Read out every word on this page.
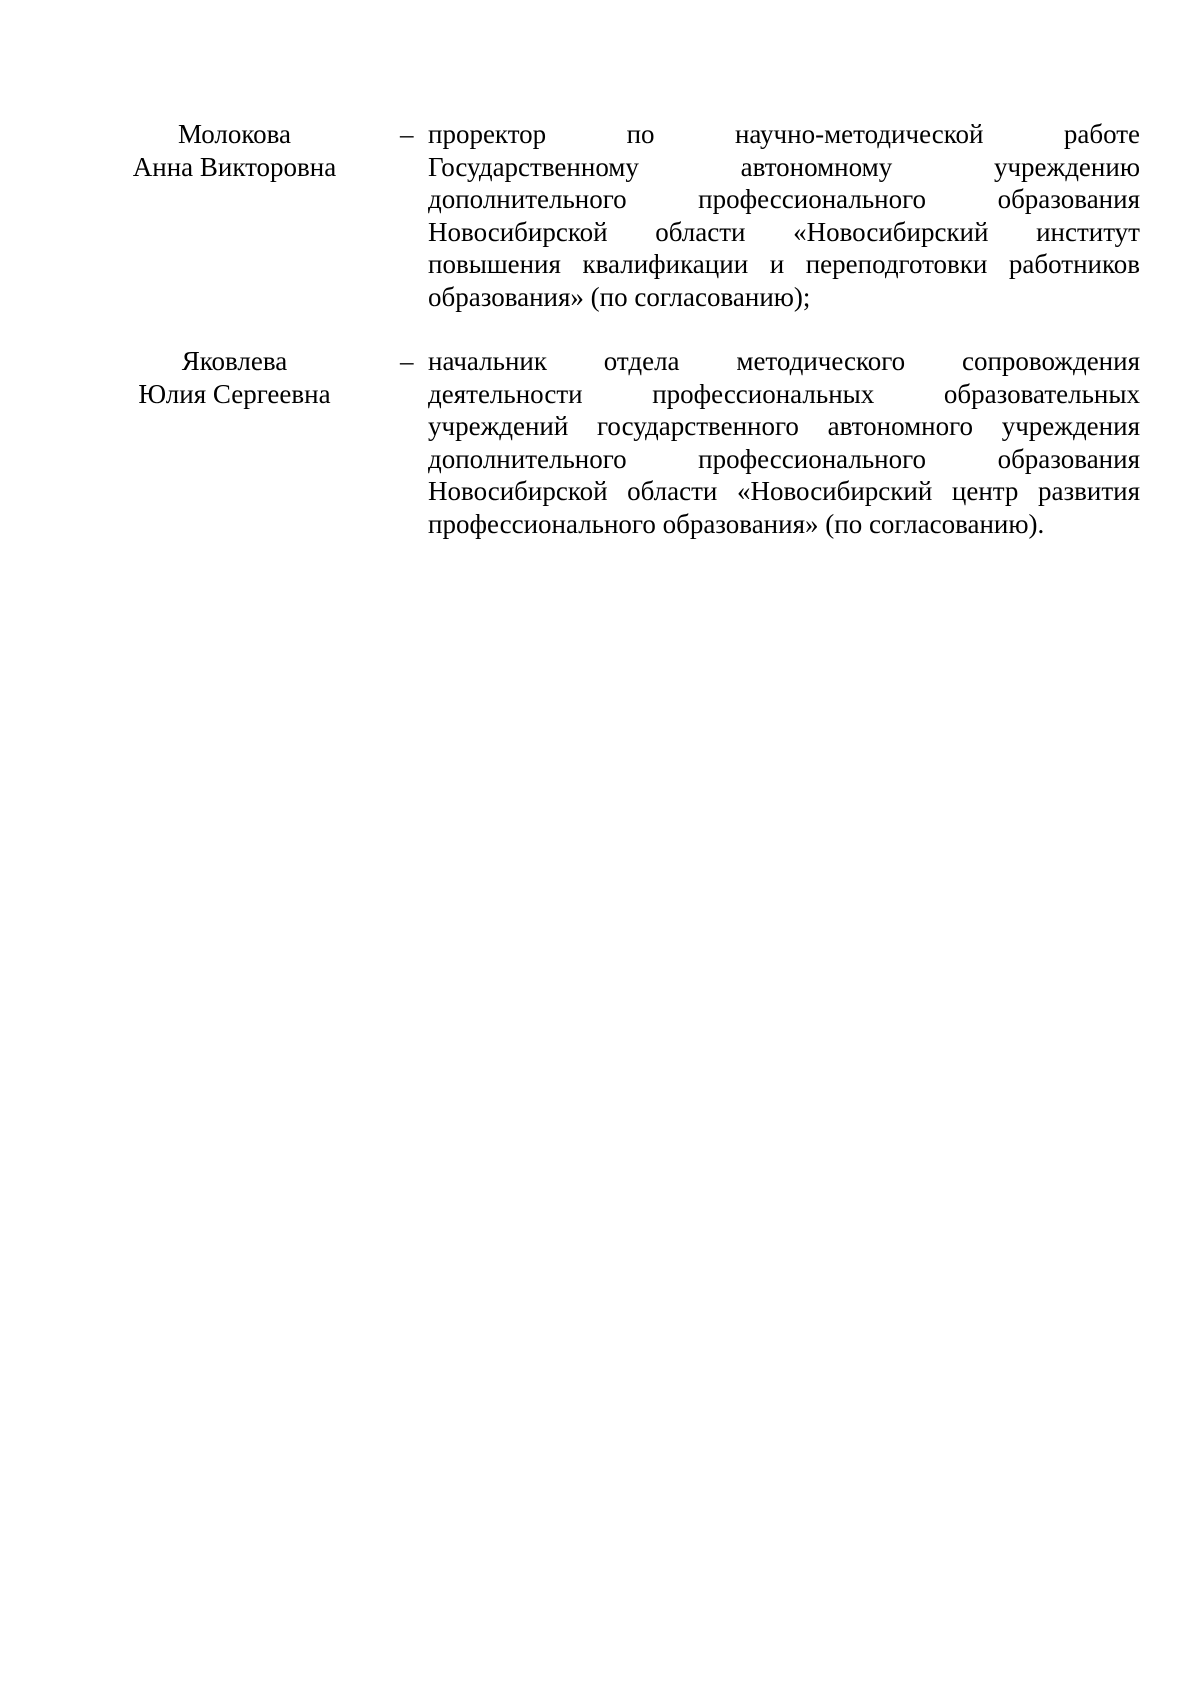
Молокова
Анна Викторовна
– проректор по научно-методической работе
Государственному автономному учреждению
дополнительного профессионального образования
Новосибирской области «Новосибирский институт
повышения квалификации и переподготовки работников
образования» (по согласованию);
Яковлева
Юлия Сергеевна
– начальник отдела методического сопровождения
деятельности профессиональных образовательных
учреждений государственного автономного учреждения
дополнительного профессионального образования
Новосибирской области «Новосибирский центр развития
профессионального образования» (по согласованию).
